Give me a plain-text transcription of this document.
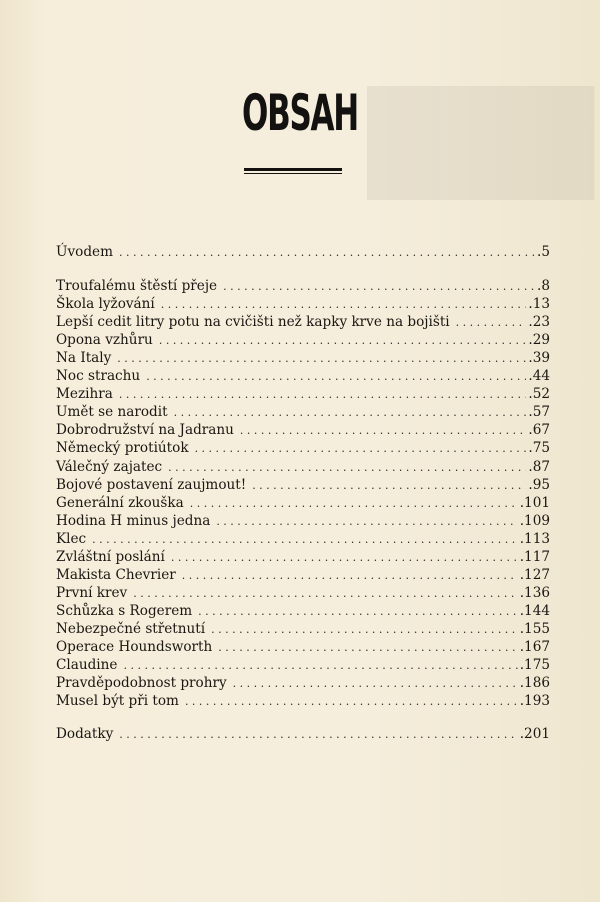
███
OBSAH
Úvodem . . .	.5
Troufalému štěstí přeje . . .	.8
Škola lyžování . . .	.13
Lepší cedit litry potu na cvičišti než kapky krve na bojišti . . .	.23
Opona vzhůru . . .	.29
Na Italy . . .	.39
Noc strachu . . .	.44
Mezihra . . .	.52
Umět se narodit . . .	.57
Dobrodružství na Jadranu . . .	.67
Německý protiútok . . .	.75
Válečný zajatec . . .	.87
Bojové postavení zaujmout! . . .	.95
Generální zkouška . . .	.101
Hodina H minus jedna . . .	.109
Klec . . .	.113
Zvláštní poslání . . .	.117
Makista Chevrier . . .	.127
První krev . . .	.136
Schůzka s Rogerem . . .	.144
Nebezpečné střetnutí . . .	.155
Operace Houndsworth . . .	.167
Claudine . . .	.175
Pravděpodobnost prohry . . .	.186
Musel být při tom . . .	.193
Dodatky . . .	.201
